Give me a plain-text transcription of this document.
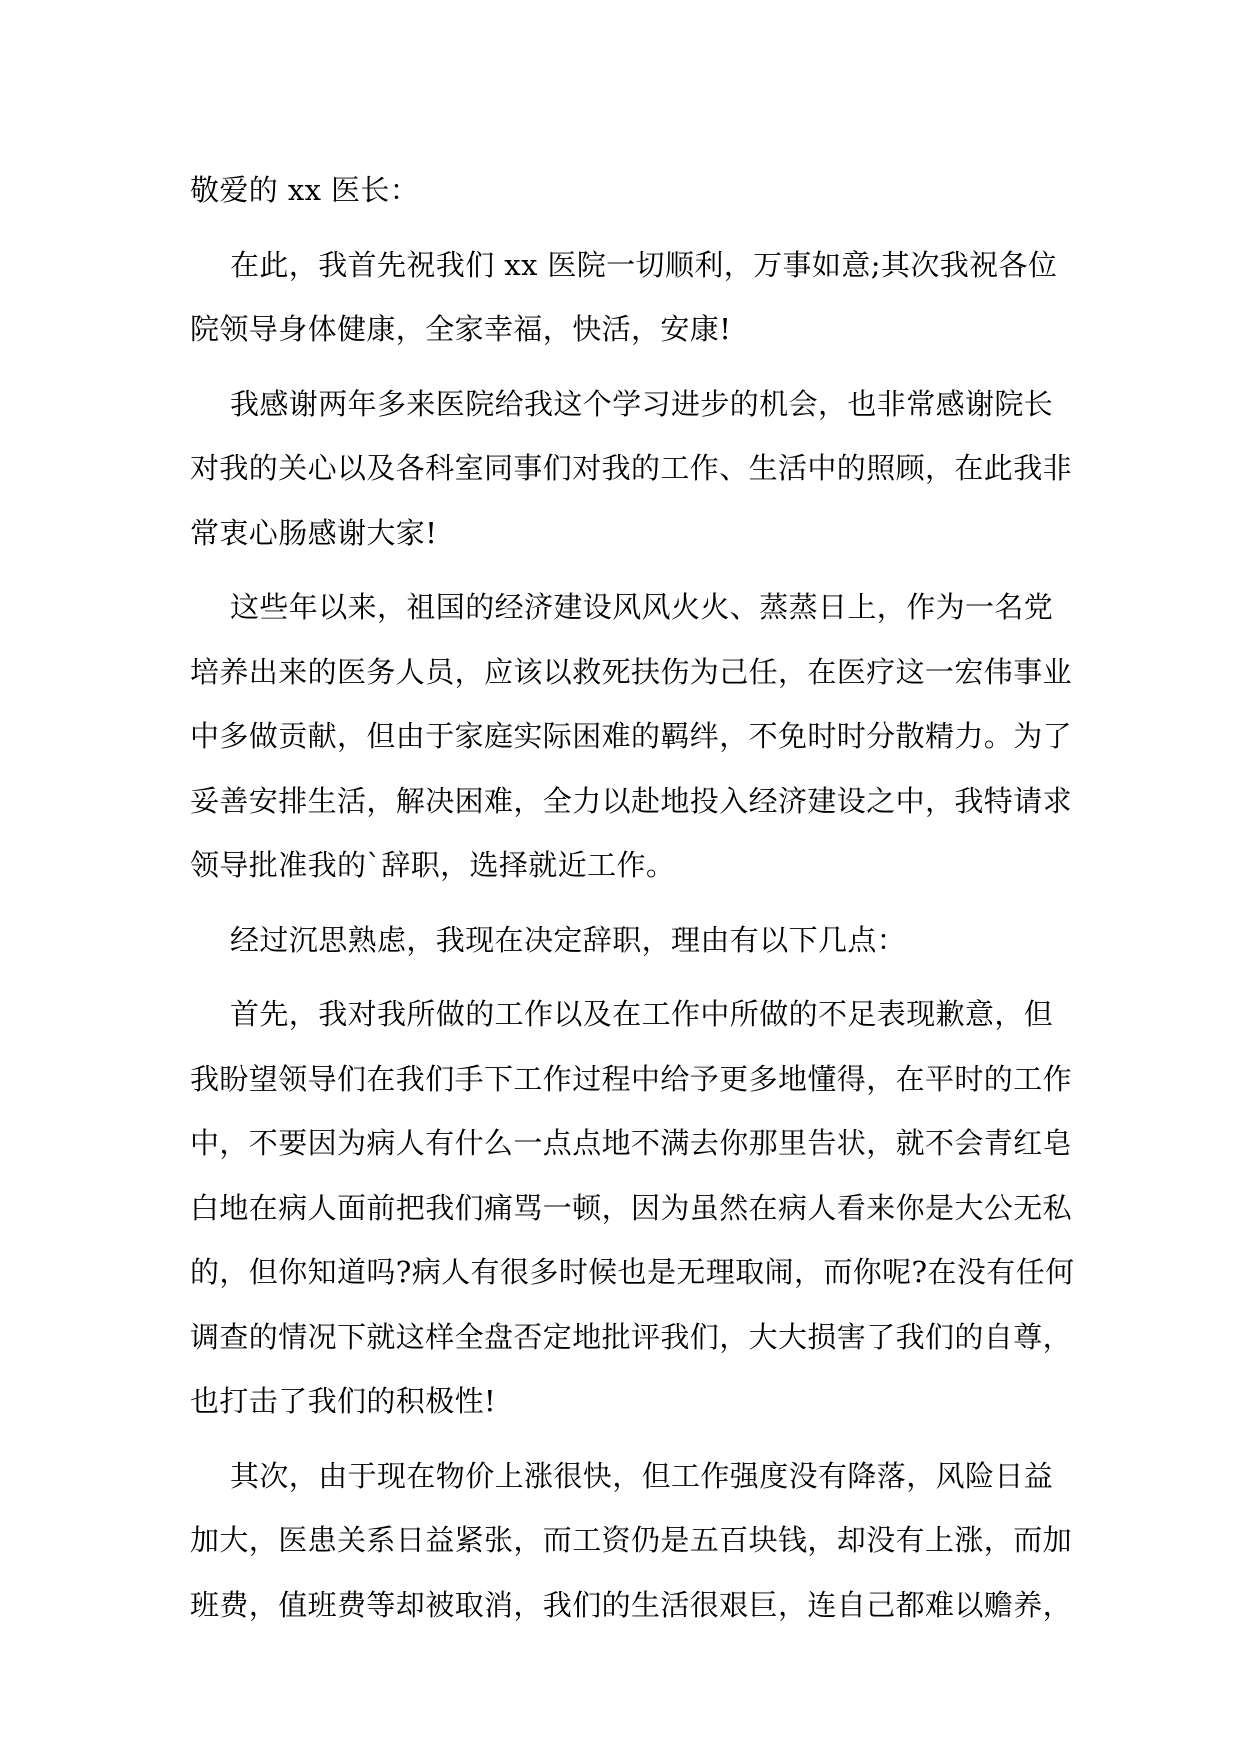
敬爱的 xx 医长：
在此，我首先祝我们 xx 医院一切顺利，万事如意;其次我祝各位
院领导身体健康，全家幸福，快活，安康!
我感谢两年多来医院给我这个学习进步的机会，也非常感谢院长
对我的关心以及各科室同事们对我的工作、生活中的照顾，在此我非
常衷心肠感谢大家!
这些年以来，祖国的经济建设风风火火、蒸蒸日上，作为一名党
培养出来的医务人员，应该以救死扶伤为己任，在医疗这一宏伟事业
中多做贡献，但由于家庭实际困难的羁绊，不免时时分散精力。为了
妥善安排生活，解决困难，全力以赴地投入经济建设之中，我特请求
领导批准我的`辞职，选择就近工作。
经过沉思熟虑，我现在决定辞职，理由有以下几点：
首先，我对我所做的工作以及在工作中所做的不足表现歉意，但
我盼望领导们在我们手下工作过程中给予更多地懂得，在平时的工作
中，不要因为病人有什么一点点地不满去你那里告状，就不会青红皂
白地在病人面前把我们痛骂一顿，因为虽然在病人看来你是大公无私
的，但你知道吗?病人有很多时候也是无理取闹，而你呢?在没有任何
调查的情况下就这样全盘否定地批评我们，大大损害了我们的自尊，
也打击了我们的积极性!
其次，由于现在物价上涨很快，但工作强度没有降落，风险日益
加大，医患关系日益紧张，而工资仍是五百块钱，却没有上涨，而加
班费，值班费等却被取消，我们的生活很艰巨，连自己都难以赡养，
